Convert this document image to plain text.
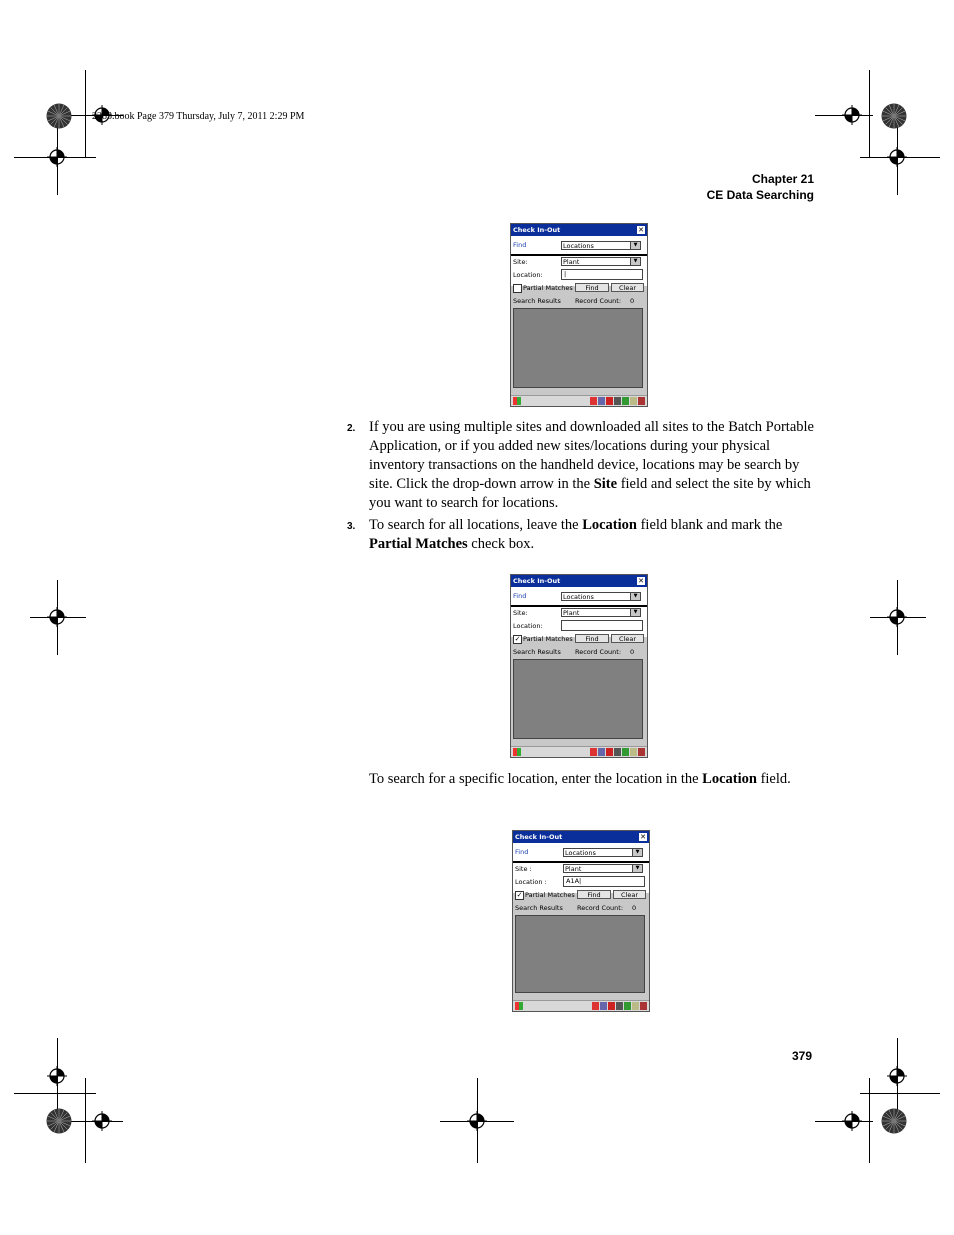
2283.book Page 379 Thursday, July 7, 2011 2:29 PM
Chapter 21
CE Data Searching
Check In-Out	✕
Find	Locations	▼
Site:	Plant	▼
Location:	|
Partial Matches	Find	Clear
Search Results Record Count: 0
2. If you are using multiple sites and downloaded all sites to the Batch Portable Application, or if you added new sites/locations during your physical inventory transactions on the handheld device, locations may be search by site. Click the drop-down arrow in the Site field and select the site by which you want to search for locations.
3. To search for all locations, leave the Location field blank and mark the Partial Matches check box.
Check In-Out	✕
Find	Locations	▼
Site:	Plant	▼
Location:
✓ Partial Matches	Find	Clear
Search Results Record Count: 0
To search for a specific location, enter the location in the Location field.
Check In-Out	✕
Find	Locations	▼
Site :	Plant	▼
Location :	A1A|
✓ Partial Matches	Find	Clear
Search Results Record Count: 0
379
